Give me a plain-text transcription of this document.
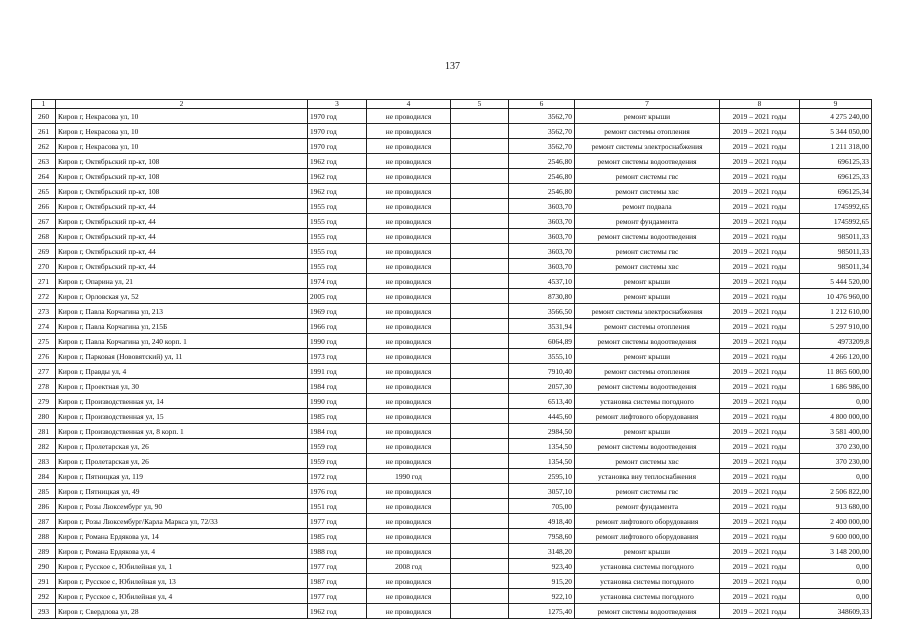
137
1	2	3	4	5	6	7	8	9
260	Киров г, Некрасова ул, 10	1970 год	не проводился		3562,70	ремонт крыши	2019 – 2021 годы	4 275 240,00
261	Киров г, Некрасова ул, 10	1970 год	не проводился		3562,70	ремонт системы отопления	2019 – 2021 годы	5 344 050,00
262	Киров г, Некрасова ул, 10	1970 год	не проводился		3562,70	ремонт системы электроснабжения	2019 – 2021 годы	1 211 318,00
263	Киров г, Октябрьский пр-кт, 108	1962 год	не проводился		2546,80	ремонт системы водоотведения	2019 – 2021 годы	696125,33
264	Киров г, Октябрьский пр-кт, 108	1962 год	не проводился		2546,80	ремонт системы гвс	2019 – 2021 годы	696125,33
265	Киров г, Октябрьский пр-кт, 108	1962 год	не проводился		2546,80	ремонт системы хвс	2019 – 2021 годы	696125,34
266	Киров г, Октябрьский пр-кт, 44	1955 год	не проводился		3603,70	ремонт подвала	2019 – 2021 годы	1745992,65
267	Киров г, Октябрьский пр-кт, 44	1955 год	не проводился		3603,70	ремонт фундамента	2019 – 2021 годы	1745992,65
268	Киров г, Октябрьский пр-кт, 44	1955 год	не проводился		3603,70	ремонт системы водоотведения	2019 – 2021 годы	985011,33
269	Киров г, Октябрьский пр-кт, 44	1955 год	не проводился		3603,70	ремонт системы гвс	2019 – 2021 годы	985011,33
270	Киров г, Октябрьский пр-кт, 44	1955 год	не проводился		3603,70	ремонт системы хвс	2019 – 2021 годы	985011,34
271	Киров г, Опарина ул, 21	1974 год	не проводился		4537,10	ремонт крыши	2019 – 2021 годы	5 444 520,00
272	Киров г, Орловская ул, 52	2005 год	не проводился		8730,80	ремонт крыши	2019 – 2021 годы	10 476 960,00
273	Киров г, Павла Корчагина ул, 213	1969 год	не проводился		3566,50	ремонт системы электроснабжения	2019 – 2021 годы	1 212 610,00
274	Киров г, Павла Корчагина ул, 215Б	1966 год	не проводился		3531,94	ремонт системы отопления	2019 – 2021 годы	5 297 910,00
275	Киров г, Павла Корчагина ул, 240 корп. 1	1990 год	не проводился		6064,89	ремонт системы водоотведения	2019 – 2021 годы	4973209,8
276	Киров г, Парковая (Нововятский) ул, 11	1973 год	не проводился		3555,10	ремонт крыши	2019 – 2021 годы	4 266 120,00
277	Киров г, Правды ул, 4	1991 год	не проводился		7910,40	ремонт системы отопления	2019 – 2021 годы	11 865 600,00
278	Киров г, Проектная ул, 30	1984 год	не проводился		2057,30	ремонт системы водоотведения	2019 – 2021 годы	1 686 986,00
279	Киров г, Производственная ул, 14	1990 год	не проводился		6513,40	установка системы погодного	2019 – 2021 годы	0,00
280	Киров г, Производственная ул, 15	1985 год	не проводился		4445,60	ремонт лифтового оборудования	2019 – 2021 годы	4 800 000,00
281	Киров г, Производственная ул, 8 корп. 1	1984 год	не проводился		2984,50	ремонт крыши	2019 – 2021 годы	3 581 400,00
282	Киров г, Пролетарская ул, 26	1959 год	не проводился		1354,50	ремонт системы водоотведения	2019 – 2021 годы	370 230,00
283	Киров г, Пролетарская ул, 26	1959 год	не проводился		1354,50	ремонт системы хвс	2019 – 2021 годы	370 230,00
284	Киров г, Пятницкая ул, 119	1972 год	1990 год		2595,10	установка вну теплоснабжения	2019 – 2021 годы	0,00
285	Киров г, Пятницкая ул, 49	1976 год	не проводился		3057,10	ремонт системы гвс	2019 – 2021 годы	2 506 822,00
286	Киров г, Розы Люксембург ул, 90	1951 год	не проводился		705,00	ремонт фундамента	2019 – 2021 годы	913 680,00
287	Киров г, Розы Люксембург/Карла Маркса ул, 72/33	1977 год	не проводился		4918,40	ремонт лифтового оборудования	2019 – 2021 годы	2 400 000,00
288	Киров г, Романа Ердякова ул, 14	1985 год	не проводился		7958,60	ремонт лифтового оборудования	2019 – 2021 годы	9 600 000,00
289	Киров г, Романа Ердякова ул, 4	1988 год	не проводился		3148,20	ремонт крыши	2019 – 2021 годы	3 148 200,00
290	Киров г, Русское с, Юбилейная ул, 1	1977 год	2008 год		923,40	установка системы погодного	2019 – 2021 годы	0,00
291	Киров г, Русское с, Юбилейная ул, 13	1987 год	не проводился		915,20	установка системы погодного	2019 – 2021 годы	0,00
292	Киров г, Русское с, Юбилейная ул, 4	1977 год	не проводился		922,10	установка системы погодного	2019 – 2021 годы	0,00
293	Киров г, Свердлова ул, 28	1962 год	не проводился		1275,40	ремонт системы водоотведения	2019 – 2021 годы	348609,33
